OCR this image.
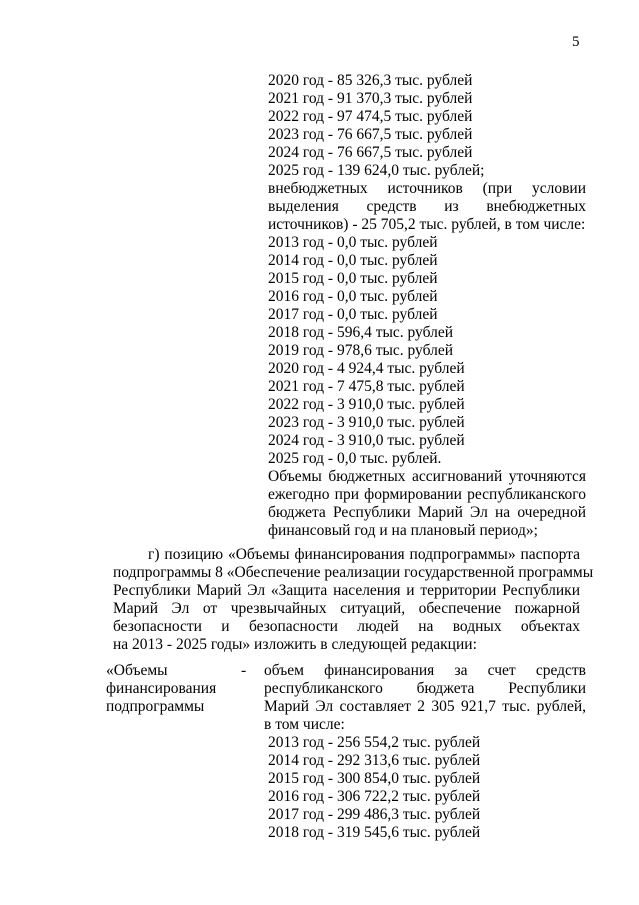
5
2020 год - 85 326,3 тыс. рублей
2021 год - 91 370,3 тыс. рублей
2022 год - 97 474,5 тыс. рублей
2023 год - 76 667,5 тыс. рублей
2024 год - 76 667,5 тыс. рублей
2025 год - 139 624,0 тыс. рублей;
внебюджетных источников (при условии
выделения средств из внебюджетных
источников) - 25 705,2 тыс. рублей, в том числе:
2013 год - 0,0 тыс. рублей
2014 год - 0,0 тыс. рублей
2015 год - 0,0 тыс. рублей
2016 год - 0,0 тыс. рублей
2017 год - 0,0 тыс. рублей
2018 год - 596,4 тыс. рублей
2019 год - 978,6 тыс. рублей
2020 год - 4 924,4 тыс. рублей
2021 год - 7 475,8 тыс. рублей
2022 год - 3 910,0 тыс. рублей
2023 год - 3 910,0 тыс. рублей
2024 год - 3 910,0 тыс. рублей
2025 год - 0,0 тыс. рублей.
Объемы бюджетных ассигнований уточняются
ежегодно при формировании республиканского
бюджета Республики Марий Эл на очередной
финансовый год и на плановый период»;
г) позицию «Объемы финансирования подпрограммы» паспорта
подпрограммы 8 «Обеспечение реализации государственной программы
Республики Марий Эл «Защита населения и территории Республики
Марий Эл от чрезвычайных ситуаций, обеспечение пожарной
безопасности и безопасности людей на водных объектах
на 2013 - 2025 годы» изложить в следующей редакции:
«Объемы
финансирования
подпрограммы
- объем финансирования за счет средств
республиканского бюджета Республики
Марий Эл составляет 2 305 921,7 тыс. рублей,
в том числе:
2013 год - 256 554,2 тыс. рублей
2014 год - 292 313,6 тыс. рублей
2015 год - 300 854,0 тыс. рублей
2016 год - 306 722,2 тыс. рублей
2017 год - 299 486,3 тыс. рублей
2018 год - 319 545,6 тыс. рублей
